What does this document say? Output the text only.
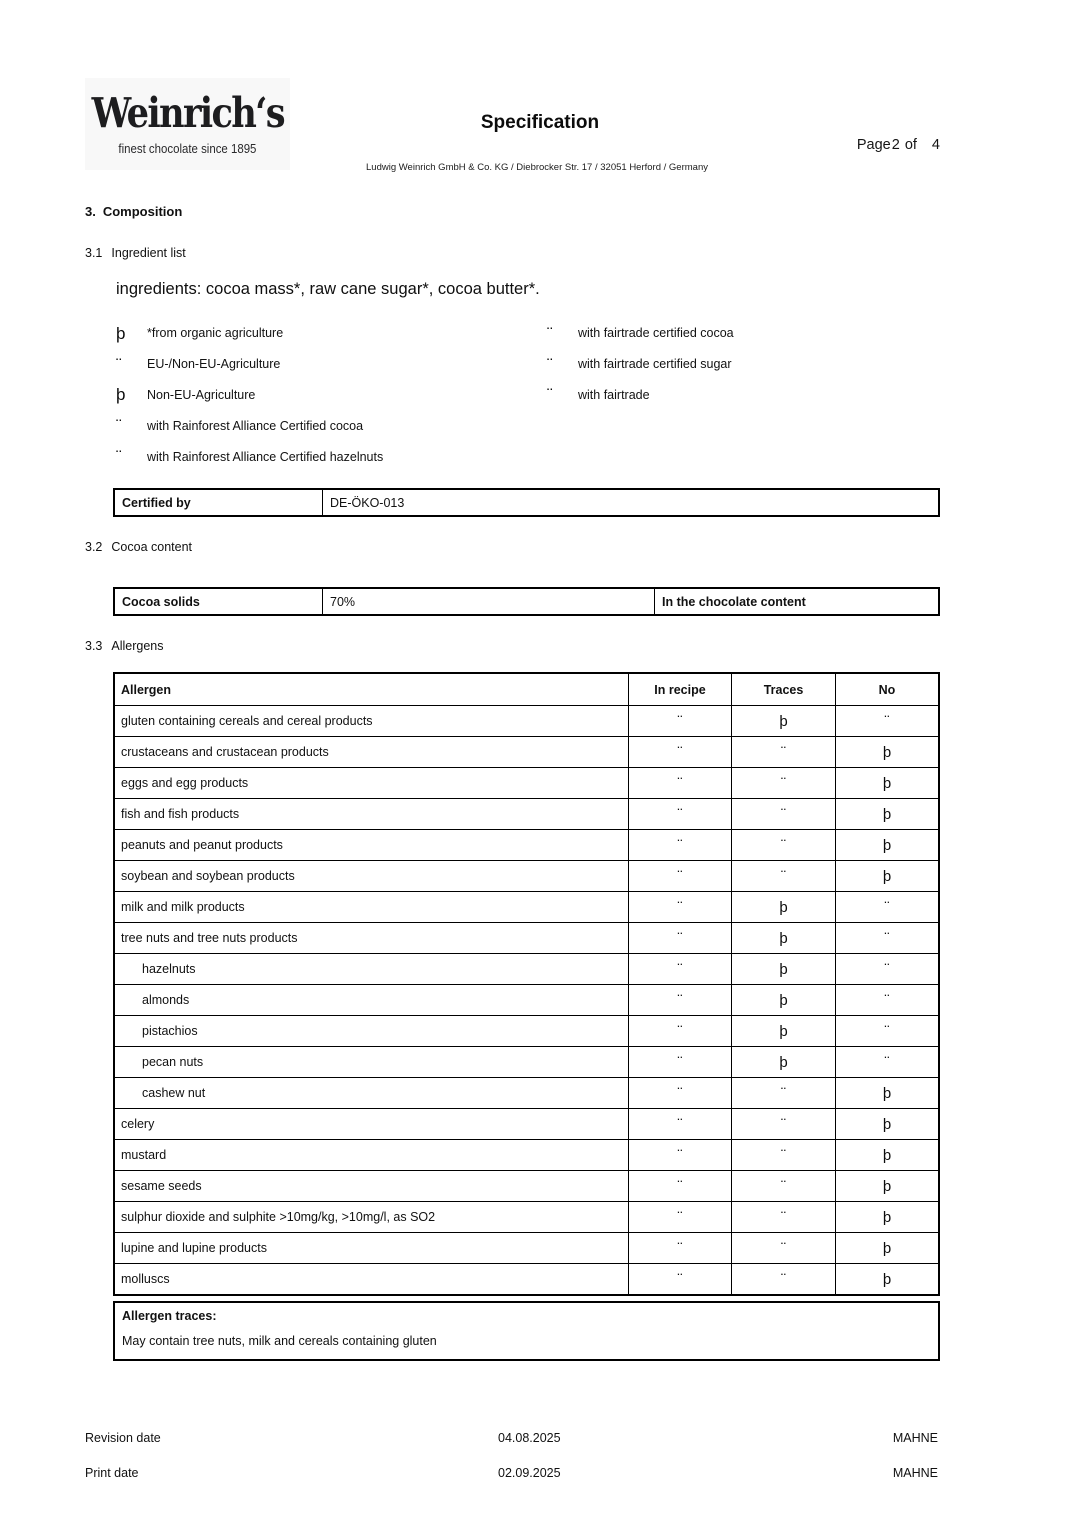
Weinrich‘s
finest chocolate since 1895
Specification
Ludwig Weinrich GmbH & Co. KG / Diebrocker Str. 17 / 32051 Herford / Germany
Page2 of 4
3. Composition
3.1 Ingredient list
ingredients: cocoa mass*, raw cane sugar*, cocoa butter*.
þ	*from organic agriculture
¨	EU-/Non-EU-Agriculture
þ	Non-EU-Agriculture
¨	with Rainforest Alliance Certified cocoa
¨	with Rainforest Alliance Certified hazelnuts
¨	with fairtrade certified cocoa
¨	with fairtrade certified sugar
¨	with fairtrade
Certified by	DE-ÖKO-013
3.2 Cocoa content
Cocoa solids	70%	In the chocolate content
3.3 Allergens
Allergen	In recipe	Traces	No
gluten containing cereals and cereal products	¨	þ	¨
crustaceans and crustacean products	¨	¨	þ
eggs and egg products	¨	¨	þ
fish and fish products	¨	¨	þ
peanuts and peanut products	¨	¨	þ
soybean and soybean products	¨	¨	þ
milk and milk products	¨	þ	¨
tree nuts and tree nuts products	¨	þ	¨
hazelnuts	¨	þ	¨
almonds	¨	þ	¨
pistachios	¨	þ	¨
pecan nuts	¨	þ	¨
cashew nut	¨	¨	þ
celery	¨	¨	þ
mustard	¨	¨	þ
sesame seeds	¨	¨	þ
sulphur dioxide and sulphite >10mg/kg, >10mg/l, as SO2	¨	¨	þ
lupine and lupine products	¨	¨	þ
molluscs	¨	¨	þ
Allergen traces:
May contain tree nuts, milk and cereals containing gluten
Revision date	04.08.2025	MAHNE
Print date	02.09.2025	MAHNE
